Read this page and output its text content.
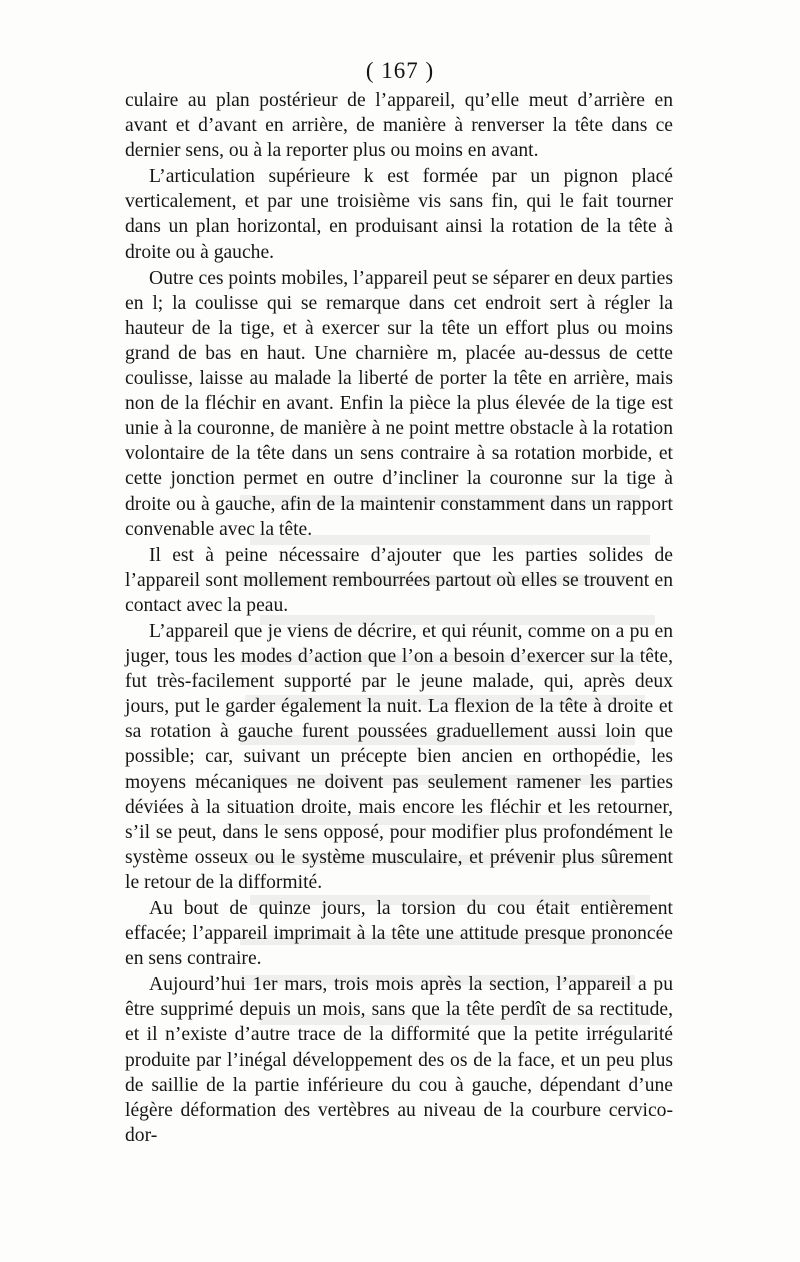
( 167 )

culaire au plan postérieur de l’appareil, qu’elle meut d’arrière en avant et d’avant en arrière, de manière à renverser la tête dans ce dernier sens, ou à la reporter plus ou moins en avant.

L’articulation supérieure k est formée par un pignon placé verticalement, et par une troisième vis sans fin, qui le fait tourner dans un plan horizontal, en produisant ainsi la rotation de la tête à droite ou à gauche.

Outre ces points mobiles, l’appareil peut se séparer en deux parties en l; la coulisse qui se remarque dans cet endroit sert à régler la hauteur de la tige, et à exercer sur la tête un effort plus ou moins grand de bas en haut. Une charnière m, placée au-dessus de cette coulisse, laisse au malade la liberté de porter la tête en arrière, mais non de la fléchir en avant. Enfin la pièce la plus élevée de la tige est unie à la couronne, de manière à ne point mettre obstacle à la rotation volontaire de la tête dans un sens contraire à sa rotation morbide, et cette jonction permet en outre d’incliner la couronne sur la tige à droite ou à gauche, afin de la maintenir constamment dans un rapport convenable avec la tête.

Il est à peine nécessaire d’ajouter que les parties solides de l’appareil sont mollement rembourrées partout où elles se trouvent en contact avec la peau.

L’appareil que je viens de décrire, et qui réunit, comme on a pu en juger, tous les modes d’action que l’on a besoin d’exercer sur la tête, fut très-facilement supporté par le jeune malade, qui, après deux jours, put le garder également la nuit. La flexion de la tête à droite et sa rotation à gauche furent poussées graduellement aussi loin que possible; car, suivant un précepte bien ancien en orthopédie, les moyens mécaniques ne doivent pas seulement ramener les parties déviées à la situation droite, mais encore les fléchir et les retourner, s’il se peut, dans le sens opposé, pour modifier plus profondément le système osseux ou le système musculaire, et prévenir plus sûrement le retour de la difformité.

Au bout de quinze jours, la torsion du cou était entièrement effacée; l’appareil imprimait à la tête une attitude presque prononcée en sens contraire.

Aujourd’hui 1er mars, trois mois après la section, l’appareil a pu être supprimé depuis un mois, sans que la tête perdît de sa rectitude, et il n’existe d’autre trace de la difformité que la petite irrégularité produite par l’inégal développement des os de la face, et un peu plus de saillie de la partie inférieure du cou à gauche, dépendant d’une légère déformation des vertèbres au niveau de la courbure cervico-dor-
